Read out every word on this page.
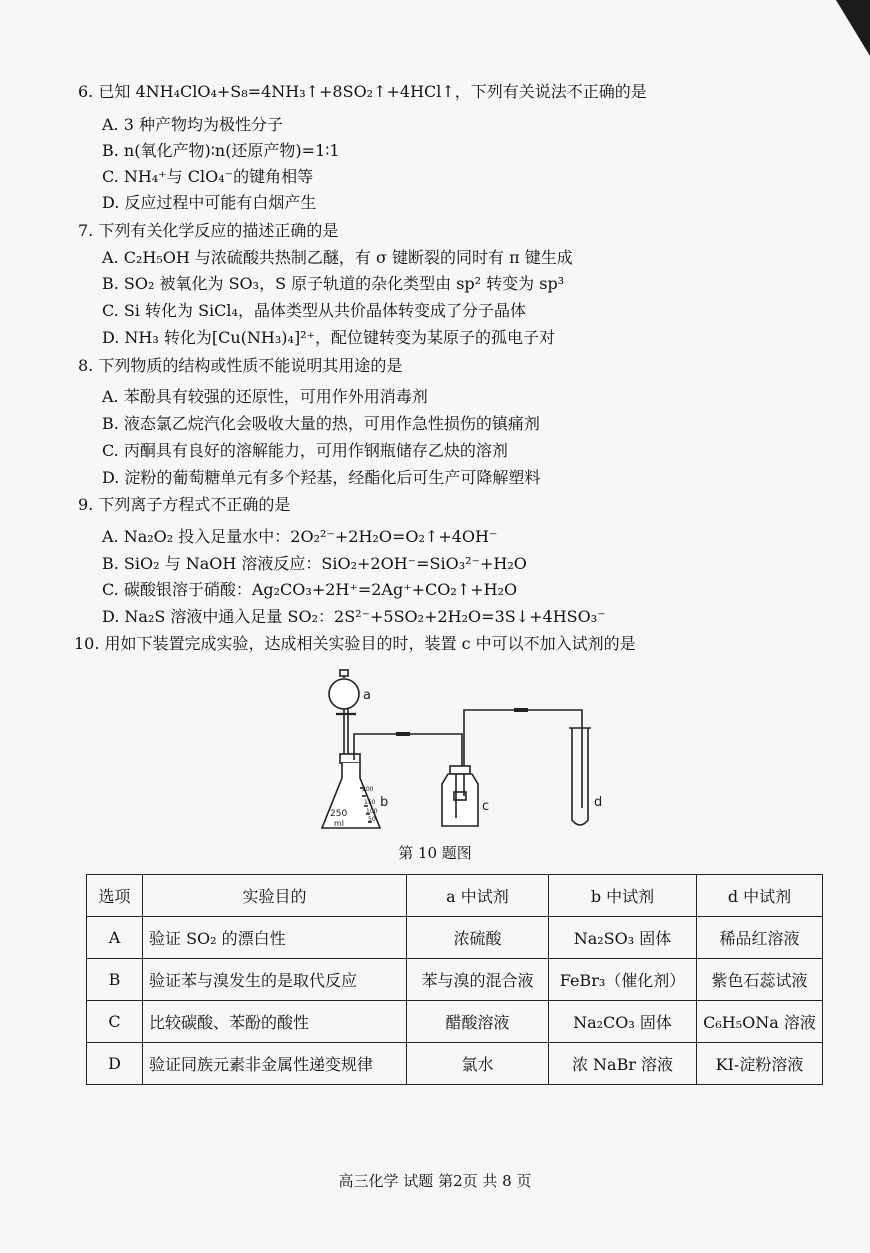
6. 已知 4NH₄ClO₄+S₈=4NH₃↑+8SO₂↑+4HCl↑，下列有关说法不正确的是
A. 3 种产物均为极性分子
B. n(氧化产物)∶n(还原产物)=1∶1
C. NH₄⁺与 ClO₄⁻的键角相等
D. 反应过程中可能有白烟产生
7. 下列有关化学反应的描述正确的是
A. C₂H₅OH 与浓硫酸共热制乙醚，有 σ 键断裂的同时有 π 键生成
B. SO₂ 被氧化为 SO₃，S 原子轨道的杂化类型由 sp² 转变为 sp³
C. Si 转化为 SiCl₄，晶体类型从共价晶体转变成了分子晶体
D. NH₃ 转化为[Cu(NH₃)₄]²⁺，配位键转变为某原子的孤电子对
8. 下列物质的结构或性质不能说明其用途的是
A. 苯酚具有较强的还原性，可用作外用消毒剂
B. 液态氯乙烷汽化会吸收大量的热，可用作急性损伤的镇痛剂
C. 丙酮具有良好的溶解能力，可用作钢瓶储存乙炔的溶剂
D. 淀粉的葡萄糖单元有多个羟基，经酯化后可生产可降解塑料
9. 下列离子方程式不正确的是
A. Na₂O₂ 投入足量水中：2O₂²⁻+2H₂O=O₂↑+4OH⁻
B. SiO₂ 与 NaOH 溶液反应：SiO₂+2OH⁻=SiO₃²⁻+H₂O
C. 碳酸银溶于硝酸：Ag₂CO₃+2H⁺=2Ag⁺+CO₂↑+H₂O
D. Na₂S 溶液中通入足量 SO₂：2S²⁻+5SO₂+2H₂O=3S↓+4HSO₃⁻
10. 用如下装置完成实验，达成相关实验目的时，装置 c 中可以不加入试剂的是
a
250
ml
200
150
100
50
b	c	d
第 10 题图
选项	实验目的	a 中试剂	b 中试剂	d 中试剂
A	验证 SO₂ 的漂白性	浓硫酸	Na₂SO₃ 固体	稀品红溶液
B	验证苯与溴发生的是取代反应	苯与溴的混合液	FeBr₃（催化剂）	紫色石蕊试液
C	比较碳酸、苯酚的酸性	醋酸溶液	Na₂CO₃ 固体	C₆H₅ONa 溶液
D	验证同族元素非金属性递变规律	氯水	浓 NaBr 溶液	KI-淀粉溶液
高三化学 试题 第2页 共 8 页
